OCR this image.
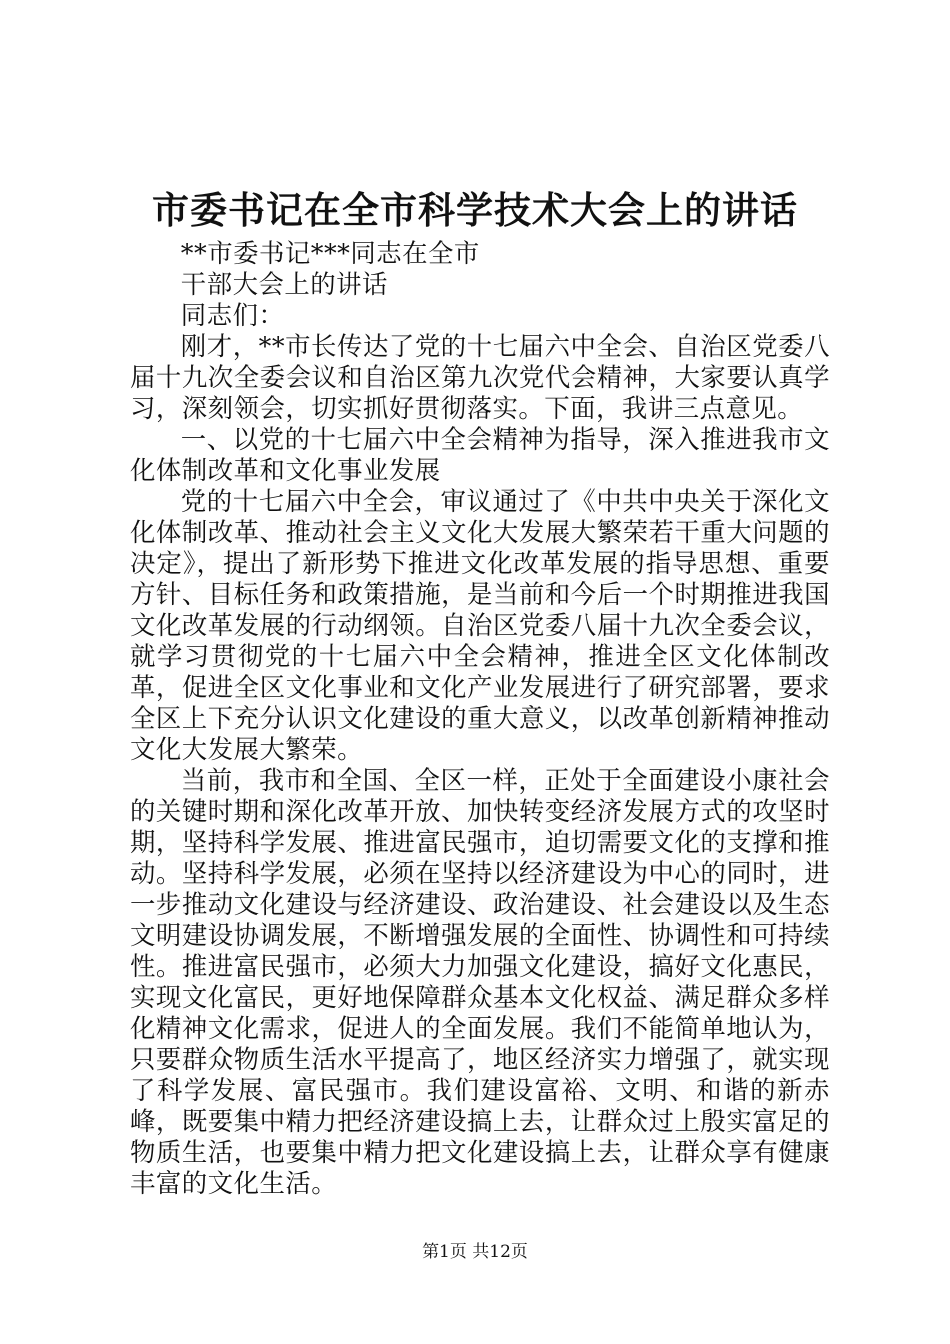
市委书记在全市科学技术大会上的讲话

**市委书记***同志在全市

干部大会上的讲话

同志们：

刚才，**市长传达了党的十七届六中全会、自治区党委八届十九次全委会议和自治区第九次党代会精神，大家要认真学习，深刻领会，切实抓好贯彻落实。下面，我讲三点意见。

一、以党的十七届六中全会精神为指导，深入推进我市文化体制改革和文化事业发展

党的十七届六中全会，审议通过了《中共中央关于深化文化体制改革、推动社会主义文化大发展大繁荣若干重大问题的决定》，提出了新形势下推进文化改革发展的指导思想、重要方针、目标任务和政策措施，是当前和今后一个时期推进我国文化改革发展的行动纲领。自治区党委八届十九次全委会议，就学习贯彻党的十七届六中全会精神，推进全区文化体制改革，促进全区文化事业和文化产业发展进行了研究部署，要求全区上下充分认识文化建设的重大意义，以改革创新精神推动文化大发展大繁荣。

当前，我市和全国、全区一样，正处于全面建设小康社会的关键时期和深化改革开放、加快转变经济发展方式的攻坚时期，坚持科学发展、推进富民强市，迫切需要文化的支撑和推动。坚持科学发展，必须在坚持以经济建设为中心的同时，进一步推动文化建设与经济建设、政治建设、社会建设以及生态文明建设协调发展，不断增强发展的全面性、协调性和可持续性。推进富民强市，必须大力加强文化建设，搞好文化惠民，实现文化富民，更好地保障群众基本文化权益、满足群众多样化精神文化需求，促进人的全面发展。我们不能简单地认为，只要群众物质生活水平提高了，地区经济实力增强了，就实现了科学发展、富民强市。我们建设富裕、文明、和谐的新赤峰，既要集中精力把经济建设搞上去，让群众过上殷实富足的物质生活，也要集中精力把文化建设搞上去，让群众享有健康丰富的文化生活。

第1页 共12页
